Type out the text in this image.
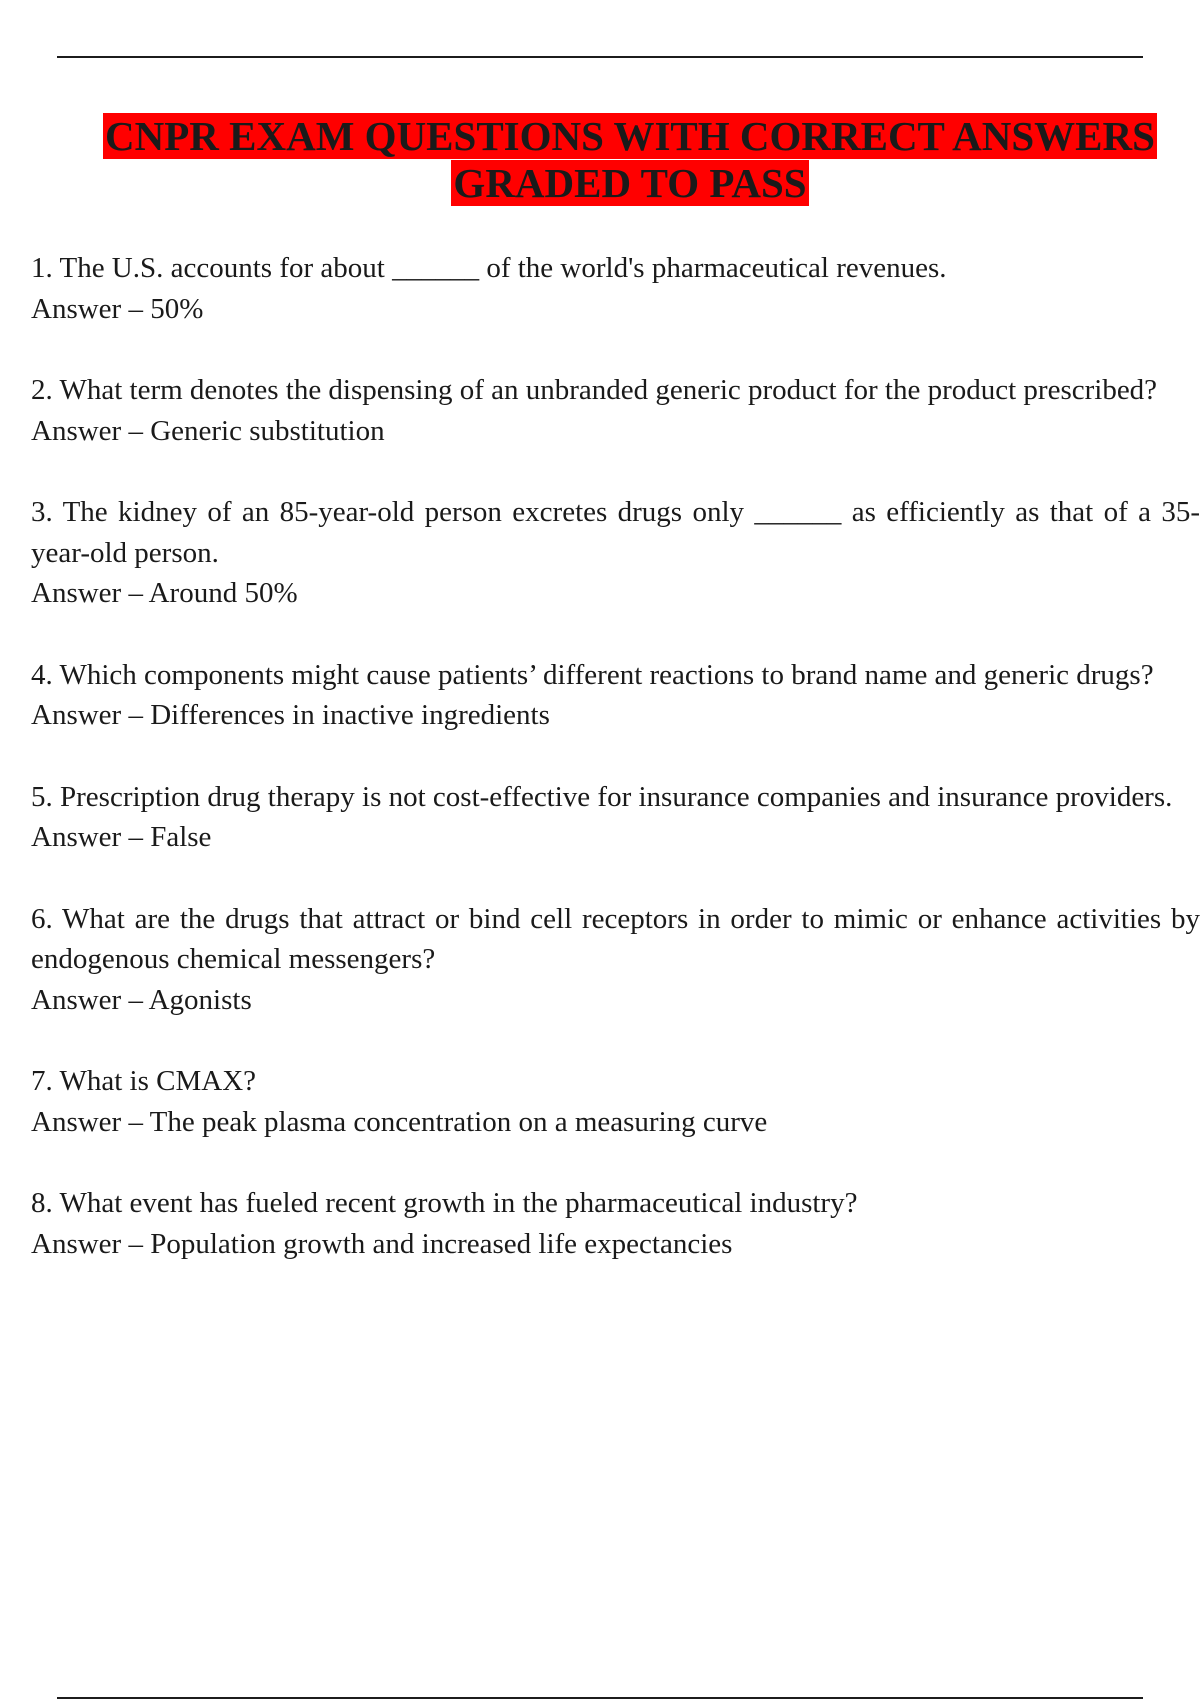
CNPR EXAM QUESTIONS WITH CORRECT ANSWERS
GRADED TO PASS

1. The U.S. accounts for about ______ of the world's pharmaceutical revenues.

Answer – 50%

2. What term denotes the dispensing of an unbranded generic product for the product prescribed?

Answer – Generic substitution

3. The kidney of an 85-year-old person excretes drugs only ______ as efficiently as that of a 35-year-old person.

Answer – Around 50%

4. Which components might cause patients’ different reactions to brand name and generic drugs?

Answer – Differences in inactive ingredients

5. Prescription drug therapy is not cost-effective for insurance companies and insurance providers.

Answer – False

6. What are the drugs that attract or bind cell receptors in order to mimic or enhance activities by endogenous chemical messengers?

Answer – Agonists

7. What is CMAX?

Answer – The peak plasma concentration on a measuring curve

8. What event has fueled recent growth in the pharmaceutical industry?

Answer – Population growth and increased life expectancies
